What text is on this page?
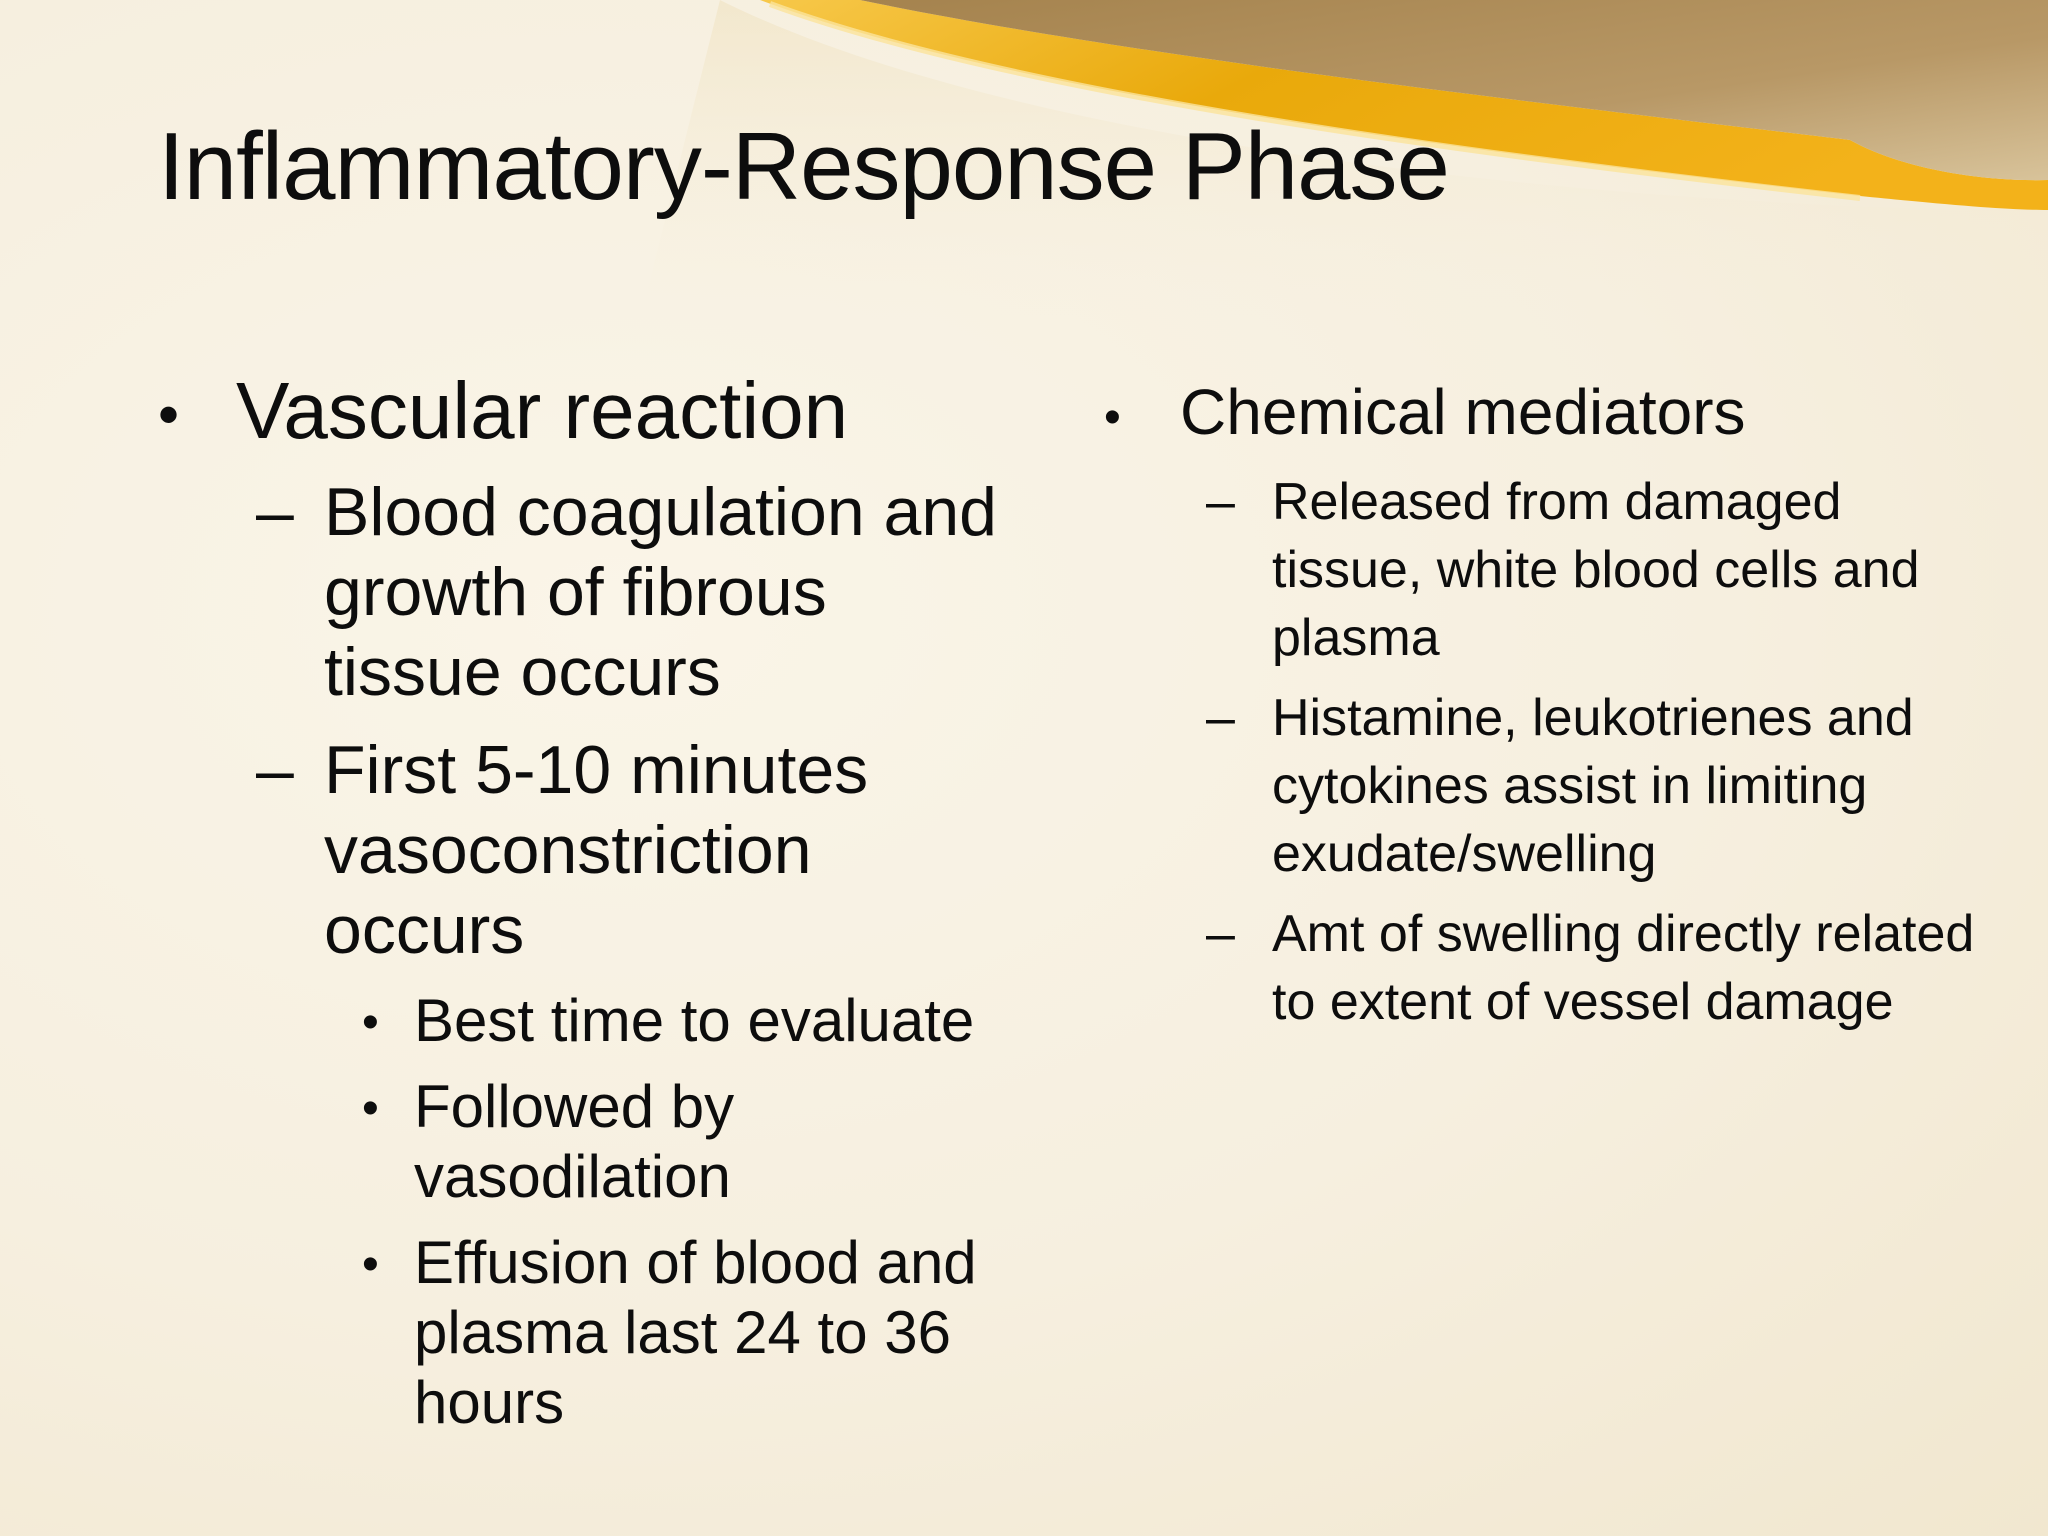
Inflammatory-Response Phase
• Vascular reaction
– Blood coagulation and growth of fibrous tissue occurs
– First 5-10 minutes vasoconstriction occurs
• Best time to evaluate
• Followed by vasodilation
• Effusion of blood and plasma last 24 to 36 hours
• Chemical mediators
– Released from damaged tissue, white blood cells and plasma
– Histamine, leukotrienes and cytokines assist in limiting exudate/swelling
– Amt of swelling directly related to extent of vessel damage
